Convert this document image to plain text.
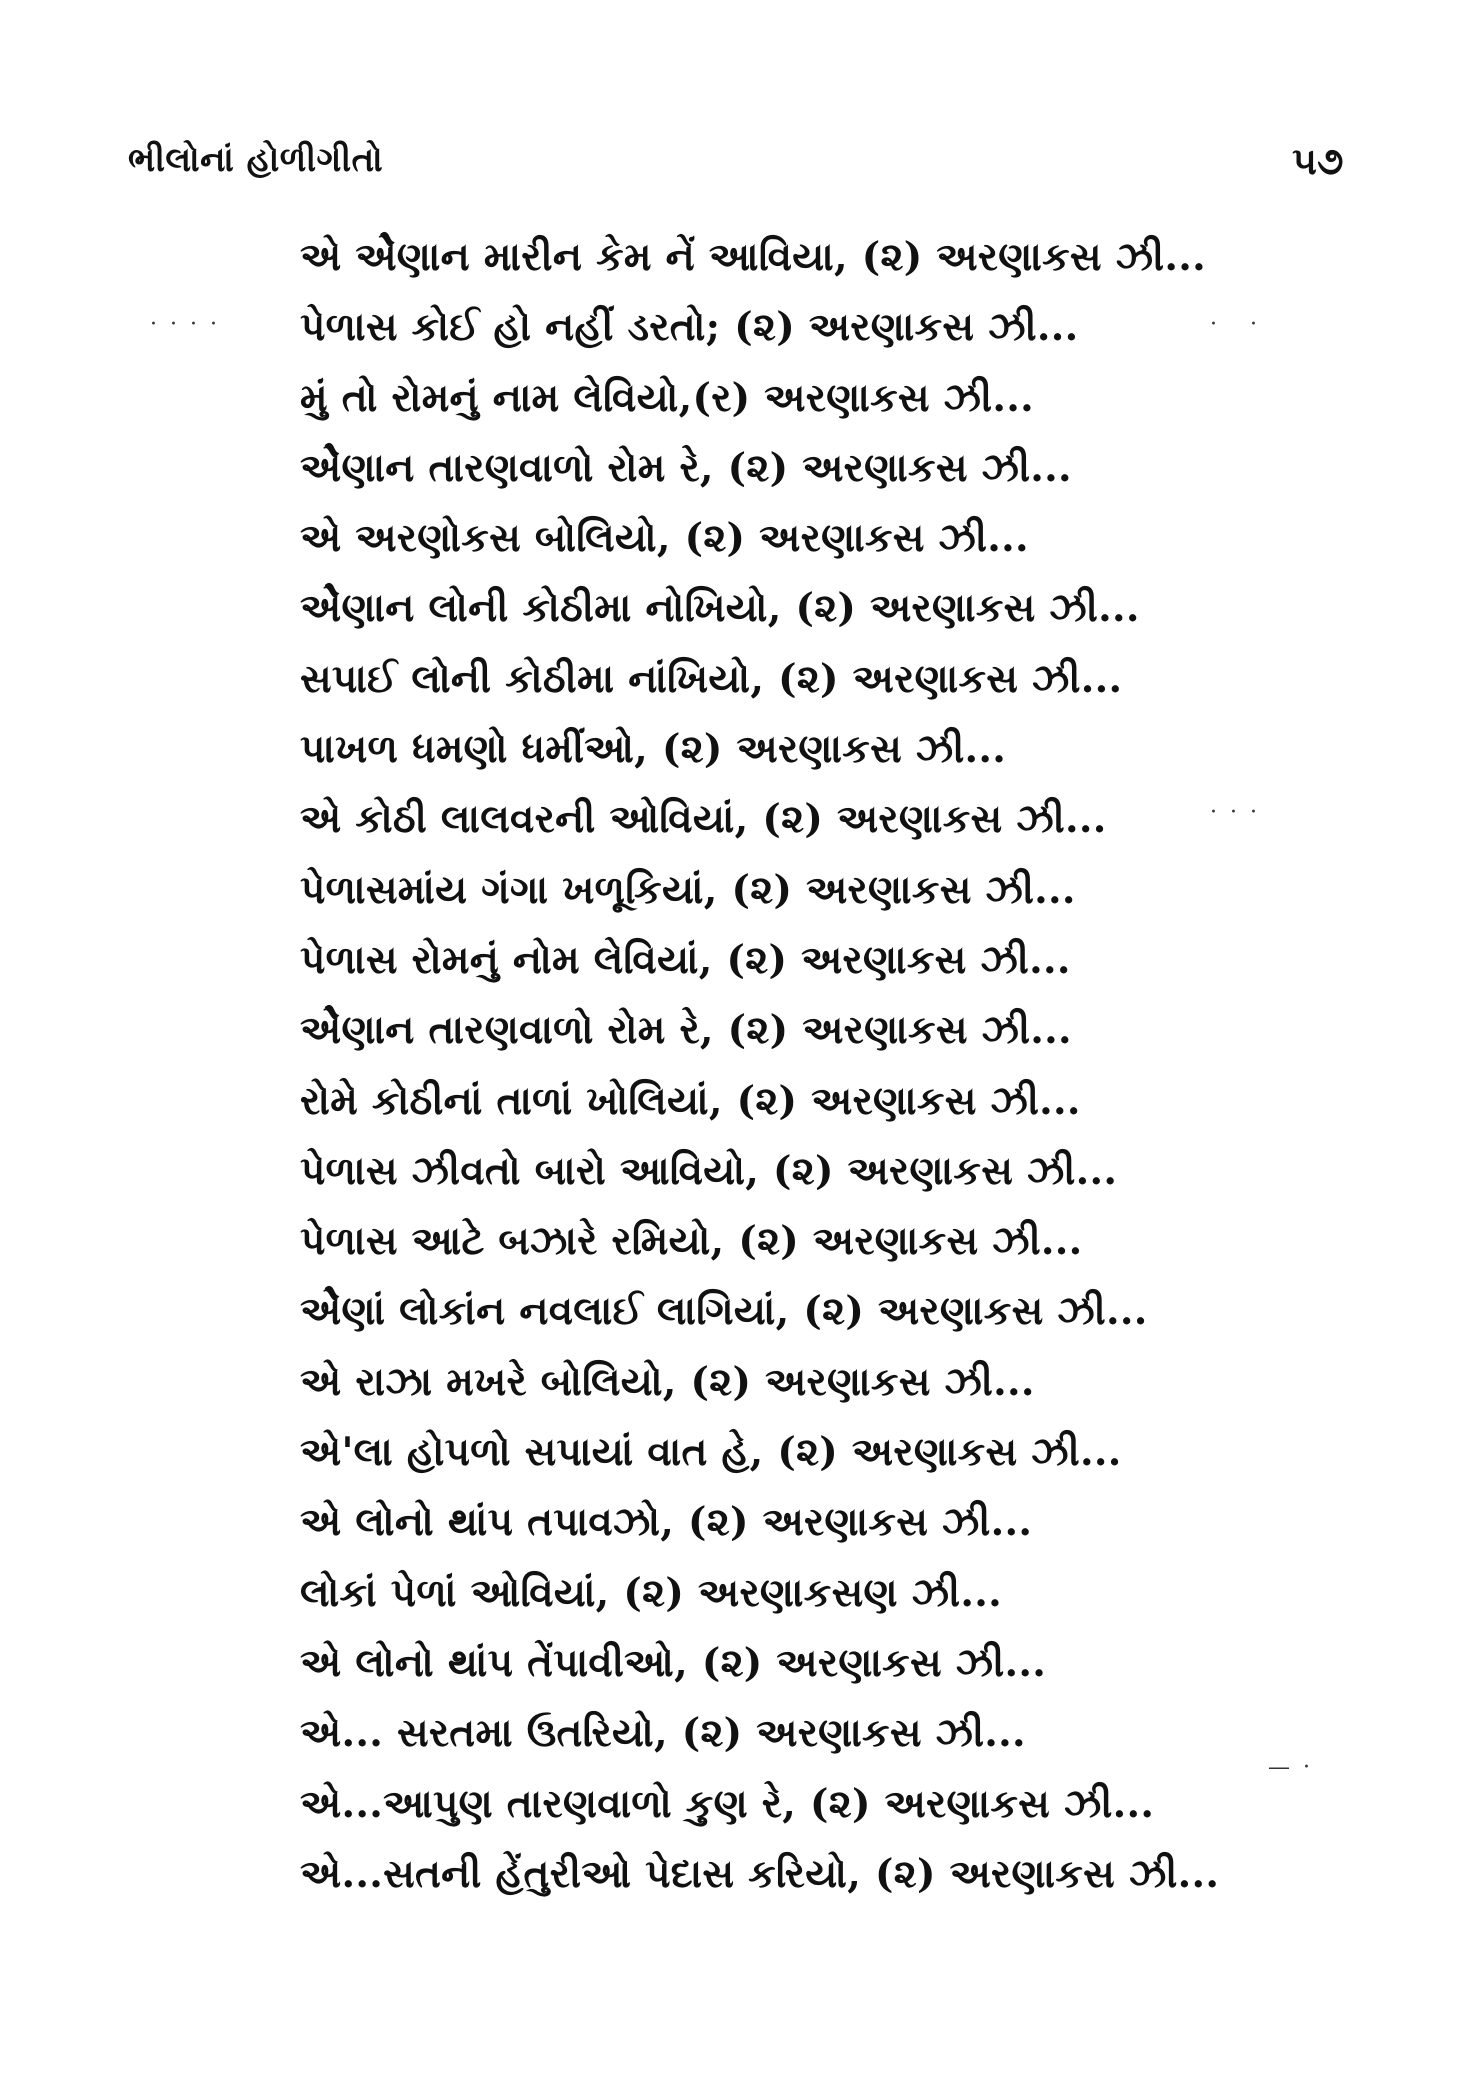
ભીલોનાં હોળીગીતો	૫૭
એ એેણાન મારીન કેમ નેં આવિયા, (૨) અરણાકસ ઝી...
પેળાસ કોઈ હો નહીં ડરતો; (૨) અરણાકસ ઝી...
મું તો રોમનું નામ લેવિયો,(ર) અરણાકસ ઝી...
એેણાન તારણવાળો રોમ રે, (૨) અરણાકસ ઝી...
એ અરણોકસ બોલિયો, (૨) અરણાકસ ઝી...
એેણાન લોની કોઠીમા નોખિયો, (૨) અરણાકસ ઝી...
સપાઈ લોની કોઠીમા નાંખિયો, (૨) અરણાકસ ઝી...
પાખળ ધમણો ધમીંઓ, (૨) અરણાકસ ઝી...
એ કોઠી લાલવરની ઓવિયાં, (૨) અરણાકસ ઝી...
પેળાસમાંય ગંગા ખળૂકિયાં, (૨) અરણાકસ ઝી...
પેળાસ રોમનું નોમ લેવિયાં, (૨) અરણાકસ ઝી...
એેણાન તારણવાળો રોમ રે, (૨) અરણાકસ ઝી...
રોમે કોઠીનાં તાળાં ખોલિયાં, (૨) અરણાકસ ઝી...
પેળાસ ઝીવતો બારો આવિયો, (૨) અરણાકસ ઝી...
પેળાસ આટે બઝારે રમિયો, (૨) અરણાકસ ઝી...
એેણાં લોકાંન નવલાઈ લાગિયાં, (૨) અરણાકસ ઝી...
એ રાઝા મખરે બોલિયો, (૨) અરણાકસ ઝી...
એ'લા હોપળો સપાયાં વાત હે, (૨) અરણાકસ ઝી...
એ લોનો થાંપ તપાવઝો, (૨) અરણાકસ ઝી...
લોકાં પેળાં ઓવિયાં, (૨) અરણાકસણ ઝી...
એ લોનો થાંપ તેંપાવીઓ, (૨) અરણાકસ ઝી...
એ... સરતમા ઉતરિયો, (૨) અરણાકસ ઝી...
એ...આપુણ તારણવાળો કુણ રે, (૨) અરણાકસ ઝી...
એ...સતની હેંતુરીઓ પેદાસ કરિયો, (૨) અરણાકસ ઝી...
· · · ·	·   ·
· · ·
— ·
